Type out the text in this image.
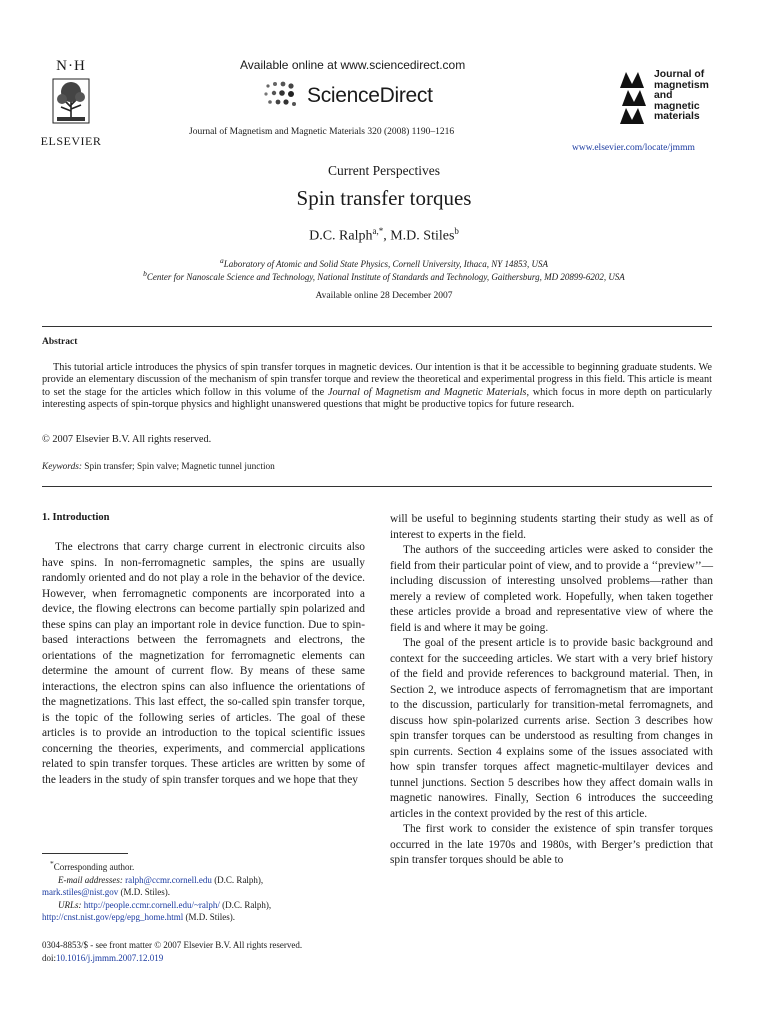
N·H
ELSEVIER
Available online at www.sciencedirect.com
ScienceDirect
Journal of Magnetism and Magnetic Materials 320 (2008) 1190–1216
Journal of
magnetism
and
magnetic
materials
www.elsevier.com/locate/jmmm
Current Perspectives
Spin transfer torques
D.C. Ralph$^{a,*}$, M.D. Stiles$^b$
$^a$Laboratory of Atomic and Solid State Physics, Cornell University, Ithaca, NY 14853, USA
$^b$Center for Nanoscale Science and Technology, National Institute of Standards and Technology, Gaithersburg, MD 20899-6202, USA
Available online 28 December 2007
Abstract
This tutorial article introduces the physics of spin transfer torques in magnetic devices. Our intention is that it be accessible to beginning graduate students. We provide an elementary discussion of the mechanism of spin transfer torque and review the theoretical and experimental progress in this field. This article is meant to set the stage for the articles which follow in this volume of the Journal of Magnetism and Magnetic Materials, which focus in more depth on particularly interesting aspects of spin-torque physics and highlight unanswered questions that might be productive topics for future research.
© 2007 Elsevier B.V. All rights reserved.
Keywords: Spin transfer; Spin valve; Magnetic tunnel junction
1. Introduction
The electrons that carry charge current in electronic circuits also have spins. In non-ferromagnetic samples, the spins are usually randomly oriented and do not play a role in the behavior of the device. However, when ferromagnetic components are incorporated into a device, the flowing electrons can become partially spin polarized and these spins can play an important role in device function. Due to spin-based interactions between the ferromagnets and electrons, the orientations of the magnetization for ferromagnetic elements can determine the amount of current flow. By means of these same interactions, the electron spins can also influence the orientations of the magnetizations. This last effect, the so-called spin transfer torque, is the topic of the following series of articles. The goal of these articles is to provide an introduction to the topical scientific issues concerning the theories, experiments, and commercial applications related to spin transfer torques. These articles are written by some of the leaders in the study of spin transfer torques and we hope that they

will be useful to beginning students starting their study as well as of interest to experts in the field.

The authors of the succeeding articles were asked to consider the field from their particular point of view, and to provide a ‘‘preview’’— including discussion of interesting unsolved problems—rather than merely a review of completed work. Hopefully, when taken together these articles provide a broad and representative view of where the field is and where it may be going.

The goal of the present article is to provide basic background and context for the succeeding articles. We start with a very brief history of the field and provide references to background material. Then, in Section 2, we introduce aspects of ferromagnetism that are important to the discussion, particularly for transition-metal ferromagnets, and discuss how spin-polarized currents arise. Section 3 describes how spin transfer torques can be understood as resulting from changes in spin currents. Section 4 explains some of the issues associated with how spin transfer torques affect magnetic-multilayer devices and tunnel junctions. Section 5 describes how they affect domain walls in magnetic nanowires. Finally, Section 6 introduces the succeeding articles in the context provided by the rest of this article.

The first work to consider the existence of spin transfer torques occurred in the late 1970s and 1980s, with Berger’s prediction that spin transfer torques should be able to

*Corresponding author.
E-mail addresses: ralph@ccmr.cornell.edu (D.C. Ralph),
mark.stiles@nist.gov (M.D. Stiles).
URLs: http://people.ccmr.cornell.edu/~ralph/ (D.C. Ralph),
http://cnst.nist.gov/epg/epg_home.html (M.D. Stiles).
0304-8853/$ - see front matter © 2007 Elsevier B.V. All rights reserved.
doi:10.1016/j.jmmm.2007.12.019
